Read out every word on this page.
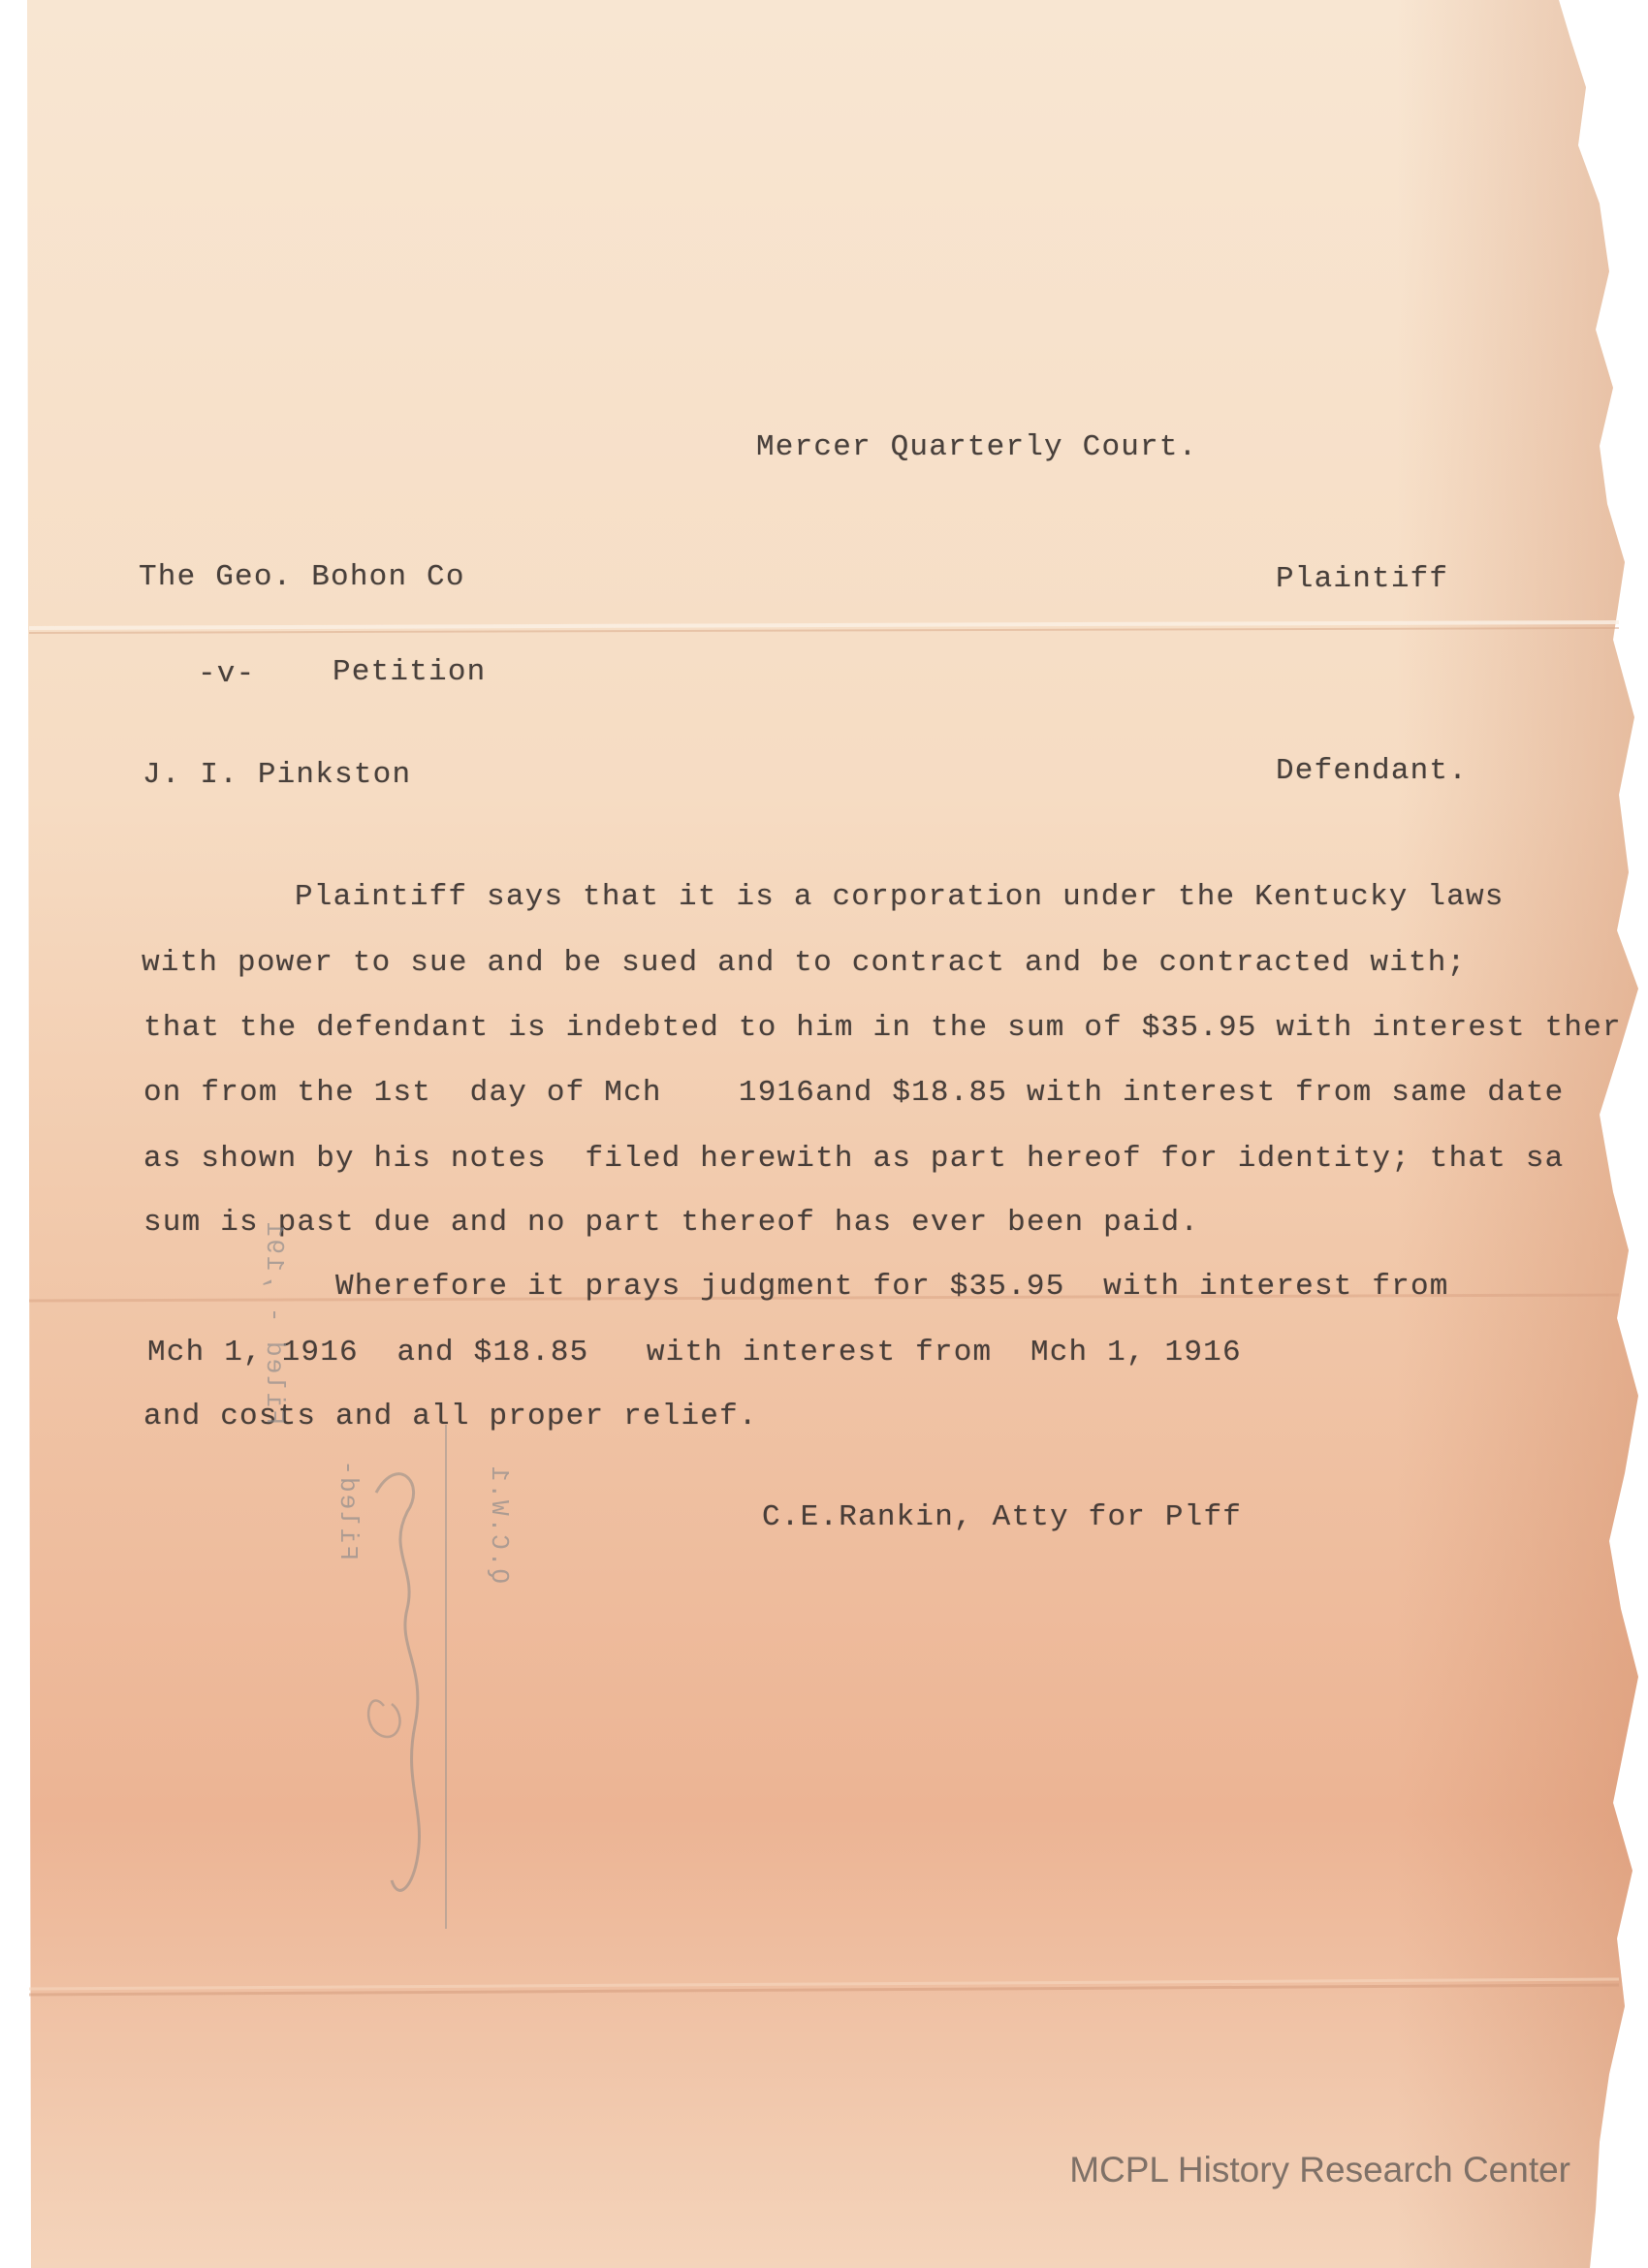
Mercer Quarterly Court.
The Geo. Bohon Co	Plaintiff
-v-	Petition
J. I. Pinkston	Defendant.
Plaintiff says that it is a corporation under the Kentucky laws
with power to sue and be sued and to contract and be contracted with;
that the defendant is indebted to him in the sum of $35.95 with interest ther
on from the 1st  day of Mch    1916and $18.85 with interest from same date
as shown by his notes  filed herewith as part hereof for identity; that sa
sum is past due and no part thereof has ever been paid.
Wherefore it prays judgment for $35.95  with interest from
Mch 1, 1916  and $18.85   with interest from  Mch 1, 1916
and costs and all proper relief.
C.E.Rankin, Atty for Plff
Filed - ,191
Filed-	Q.C.W.1
MCPL History Research Center
